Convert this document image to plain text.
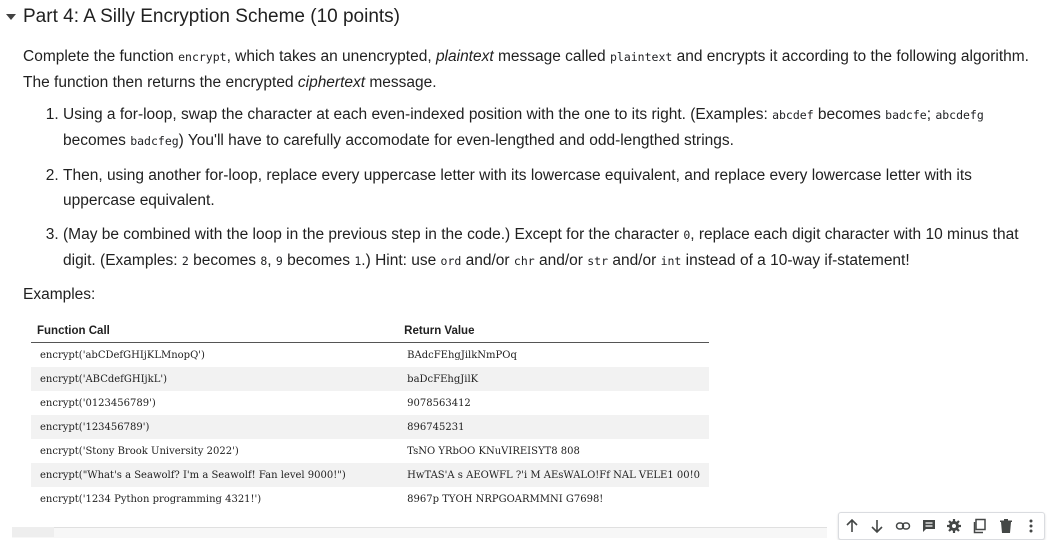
Part 4: A Silly Encryption Scheme (10 points)

Complete the function encrypt, which takes an unencrypted, plaintext message called plaintext and encrypts it according to the following algorithm. The function then returns the encrypted ciphertext message.

1. Using a for-loop, swap the character at each even-indexed position with the one to its right. (Examples: abcdef becomes badcfe; abcdefg becomes badcfeg) You'll have to carefully accomodate for even-lengthed and odd-lengthed strings.
2. Then, using another for-loop, replace every uppercase letter with its lowercase equivalent, and replace every lowercase letter with its uppercase equivalent.
3. (May be combined with the loop in the previous step in the code.) Except for the character 0, replace each digit character with 10 minus that digit. (Examples: 2 becomes 8, 9 becomes 1.) Hint: use ord and/or chr and/or str and/or int instead of a 10-way if-statement!
Examples:
Function Call	Return Value
encrypt('abCDefGHIjKLMnopQ')	BAdcFEhgJilkNmPOq
encrypt('ABCdefGHIjkL')	baDcFEhgJilK
encrypt('0123456789')	9078563412
encrypt('123456789')	896745231
encrypt('Stony Brook University 2022')	TsNO YRbOO KNuVIREISYT8 808
encrypt("What's a Seawolf? I'm a Seawolf! Fan level 9000!")	HwTAS'A s AEOWFL ?'i M AEsWALO!Ff NAL VELE1 00!0
encrypt('1234 Python programming 4321!')	8967p TYOH NRPGOARMMNI G7698!
